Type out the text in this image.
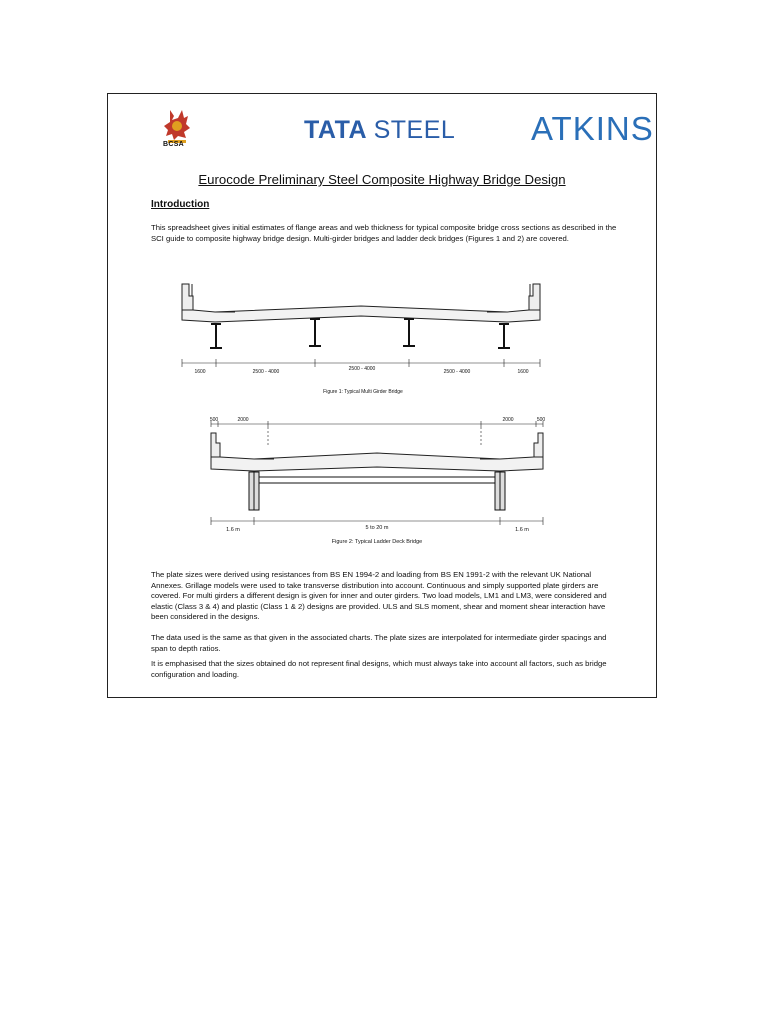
BCSA
TATA STEEL ATKINS
Eurocode Preliminary Steel Composite Highway Bridge Design
Introduction
This spreadsheet gives initial estimates of flange areas and web thickness for typical composite bridge cross sections as described in the SCI guide to composite highway bridge design. Multi-girder bridges and ladder deck bridges (Figures 1 and 2) are covered.
1600	2500 - 4000	2500 - 4000	2500 - 4000	1600
Figure 1: Typical Multi Girder Bridge
500	2000	2000	500
1.6 m	5 to 20 m	1.6 m
Figure 2: Typical Ladder Deck Bridge
The plate sizes were derived using resistances from BS EN 1994-2 and loading from BS EN 1991-2 with the relevant UK National Annexes. Grillage models were used to take transverse distribution into account. Continuous and simply supported plate girders are covered. For multi girders a different design is given for inner and outer girders. Two load models, LM1 and LM3, were considered and elastic (Class 3 & 4) and plastic (Class 1 & 2) designs are provided. ULS and SLS moment, shear and moment shear interaction have been considered in the designs.
The data used is the same as that given in the associated charts. The plate sizes are interpolated for intermediate girder spacings and span to depth ratios.
It is emphasised that the sizes obtained do not represent final designs, which must always take into account all factors, such as bridge configuration and loading.
